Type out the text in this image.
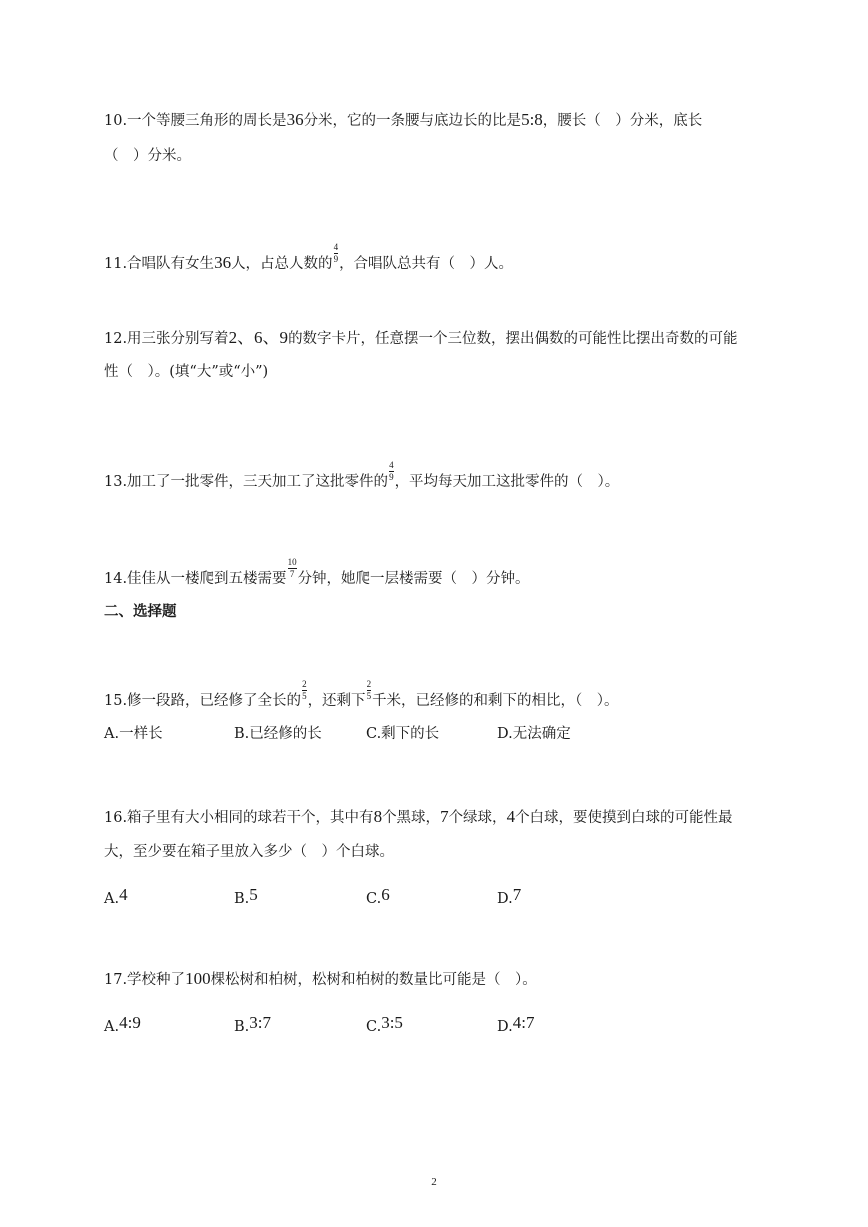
10.一个等腰三角形的周长是36分米，它的一条腰与底边长的比是5:8，腰长（　）分米，底长
（　）分米。
11.合唱队有女生36人，占总人数的 $\frac{4}{9}$ ，合唱队总共有（　）人。
12.用三张分别写着2、6、9的数字卡片，任意摆一个三位数，摆出偶数的可能性比摆出奇数的可能
性（　）。(填“大”或“小”)
13.加工了一批零件，三天加工了这批零件的 $\frac{4}{9}$ ，平均每天加工这批零件的（　）。
14.佳佳从一楼爬到五楼需要 $\frac{10}{7}$ 分钟，她爬一层楼需要（　）分钟。
二、选择题
15.修一段路，已经修了全长的 $\frac{2}{5}$ ，还剩下 $\frac{2}{5}$ 千米，已经修的和剩下的相比，（　）。
A.一样长	B.已经修的长	C.剩下的长	D.无法确定
16.箱子里有大小相同的球若干个，其中有8个黑球，7个绿球，4个白球，要使摸到白球的可能性最
大，至少要在箱子里放入多少（　）个白球。
A.4	B.5	C.6	D.7
17.学校种了100棵松树和柏树，松树和柏树的数量比可能是（　）。
A.4:9	B.3:7	C.3:5	D.4:7
2
